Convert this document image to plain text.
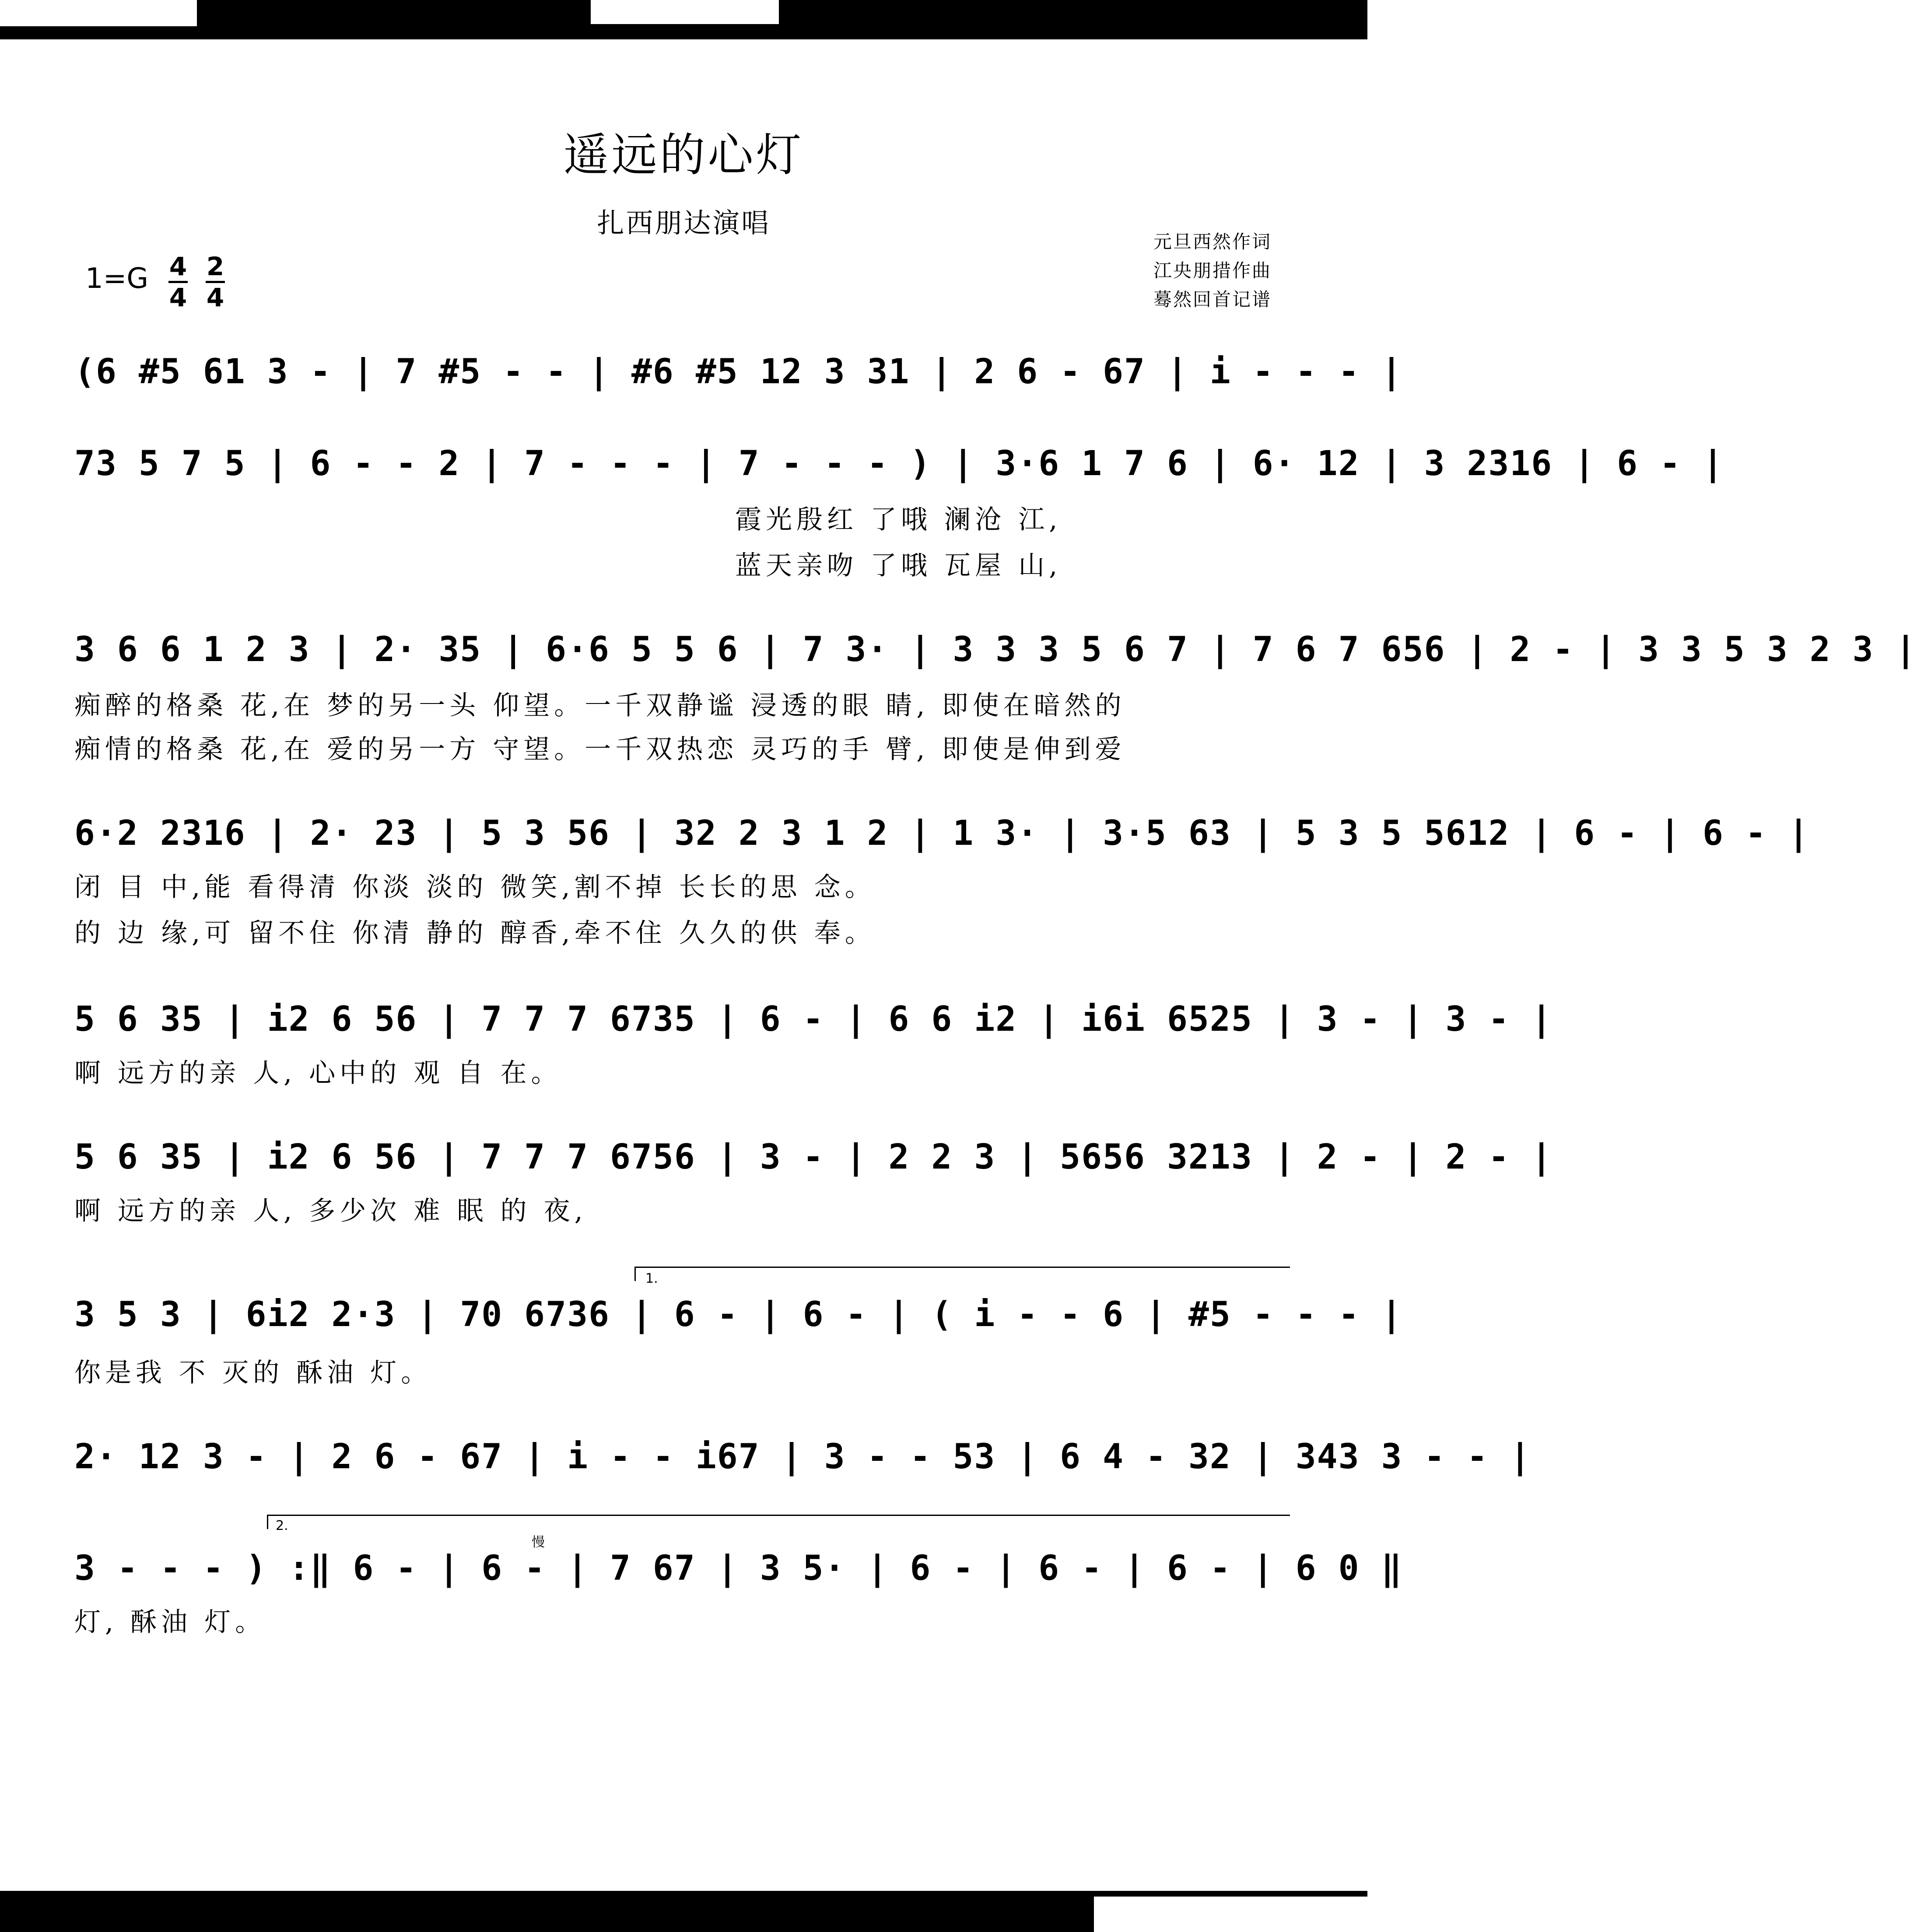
遥远的心灯
扎西朋达演唱
元旦西然作词
江央朋措作曲
蓦然回首记谱
1=G 4
4
2
4
(6 #5 61 3 - | 7 #5 - - | #6 #5 12 3 31 | 2 6 - 67 | i - - - |
73 5 7 5 | 6 - - 2 | 7 - - - | 7 - - - ) | 3·6 1 7 6 | 6· 12 | 3 2316 | 6 - |
霞光殷红 了哦 澜沧 江,
蓝天亲吻 了哦 瓦屋 山,
3 6 6 1 2 3 | 2· 35 | 6·6 5 5 6 | 7 3· | 3 3 3 5 6 7 | 7 6 7 656 | 2 - | 3 3 5 3 2 3 |
痴醉的格桑 花,在 梦的另一头 仰望。一千双静谧 浸透的眼 睛, 即使在暗然的
痴情的格桑 花,在 爱的另一方 守望。一千双热恋 灵巧的手 臂, 即使是伸到爱
6·2 2316 | 2· 23 | 5 3 56 | 32 2 3 1 2 | 1 3· | 3·5 63 | 5 3 5 5612 | 6 - | 6 - |
闭 目 中,能 看得清 你淡 淡的 微笑,割不掉 长长的思 念。
的 边 缘,可 留不住 你清 静的 醇香,牵不住 久久的供 奉。
5 6 35 | i2 6 56 | 7 7 7 6735 | 6 - | 6 6 i2 | i6i 6525 | 3 - | 3 - |
啊 远方的亲 人, 心中的 观 自 在。
5 6 35 | i2 6 56 | 7 7 7 6756 | 3 - | 2 2 3 | 5656 3213 | 2 - | 2 - |
啊 远方的亲 人, 多少次 难 眠 的 夜,
1.
3 5 3 | 6i2 2·3 | 70 6736 | 6 - | 6 - | ( i - - 6 | #5 - - - |
你是我 不 灭的 酥油 灯。
2· 12 3 - | 2 6 - 67 | i - - i67 | 3 - - 53 | 6 4 - 32 | 343 3 - - |
2.
慢
3 - - - ) :‖ 6 - | 6 - | 7 67 | 3 5· | 6 - | 6 - | 6 - | 6 0 ‖
灯, 酥油 灯。
